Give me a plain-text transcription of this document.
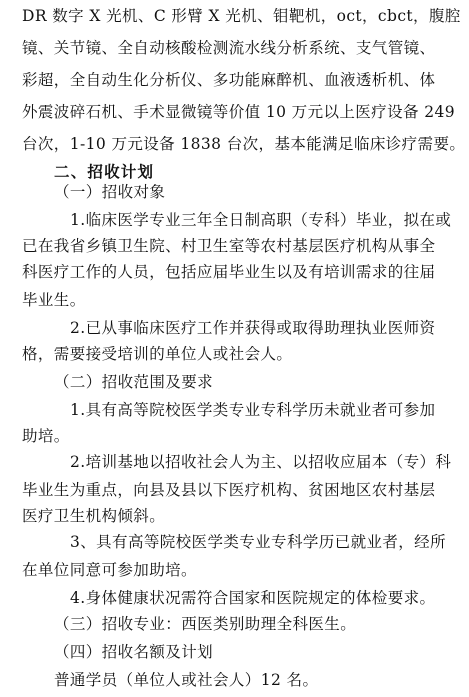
DR 数字 X 光机、C 形臂 X 光机、钼靶机，oct，cbct，腹腔
镜、关节镜、全自动核酸检测流水线分析系统、支气管镜、
彩超，全自动生化分析仪、多功能麻醉机、血液透析机、体
外震波碎石机、手术显微镜等价值 10 万元以上医疗设备 249
台次，1-10 万元设备 1838 台次，基本能满足临床诊疗需要。
二、招收计划
（一）招收对象
1.临床医学专业三年全日制高职（专科）毕业，拟在或
已在我省乡镇卫生院、村卫生室等农村基层医疗机构从事全
科医疗工作的人员，包括应届毕业生以及有培训需求的往届
毕业生。
2.已从事临床医疗工作并获得或取得助理执业医师资
格，需要接受培训的单位人或社会人。
（二）招收范围及要求
1.具有高等院校医学类专业专科学历未就业者可参加
助培。
2.培训基地以招收社会人为主、以招收应届本（专）科
毕业生为重点，向县及县以下医疗机构、贫困地区农村基层
医疗卫生机构倾斜。
3、具有高等院校医学类专业专科学历已就业者，经所
在单位同意可参加助培。
4.身体健康状况需符合国家和医院规定的体检要求。
（三）招收专业：西医类别助理全科医生。
（四）招收名额及计划
普通学员（单位人或社会人）12 名。
